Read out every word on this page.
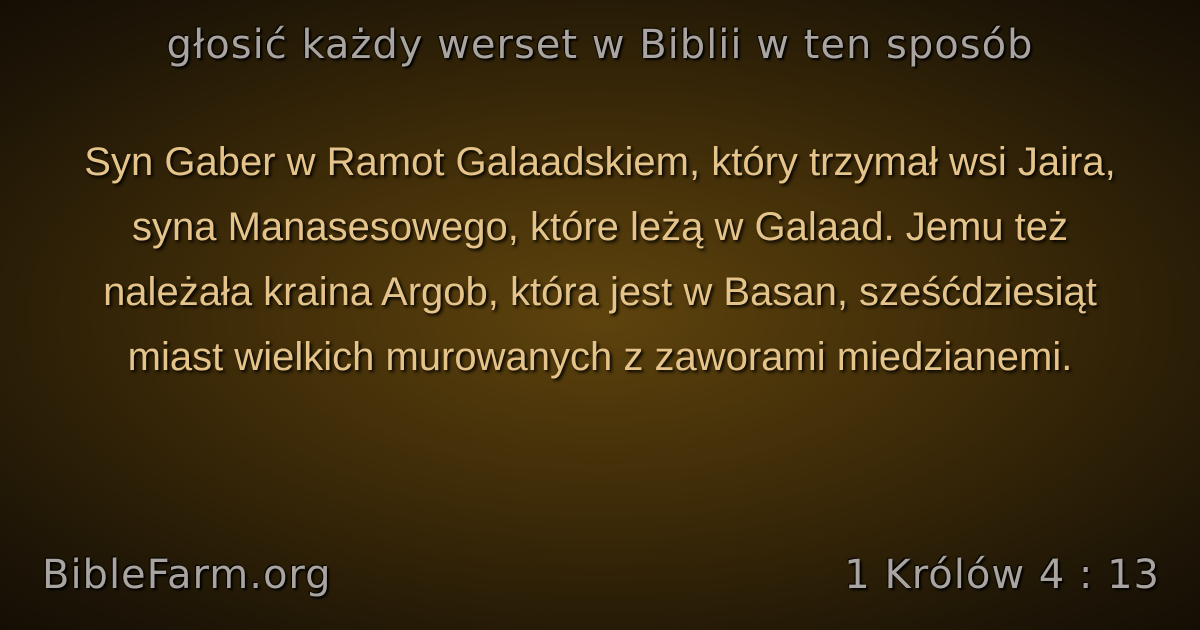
głosić każdy werset w Biblii w ten sposób
Syn Gaber w Ramot Galaadskiem, który trzymał wsi Jaira, syna Manasesowego, które leżą w Galaad. Jemu też należała kraina Argob, która jest w Basan, sześćdziesiąt miast wielkich murowanych z zaworami miedzianemi.
BibleFarm.org	1 Królów 4 : 13
